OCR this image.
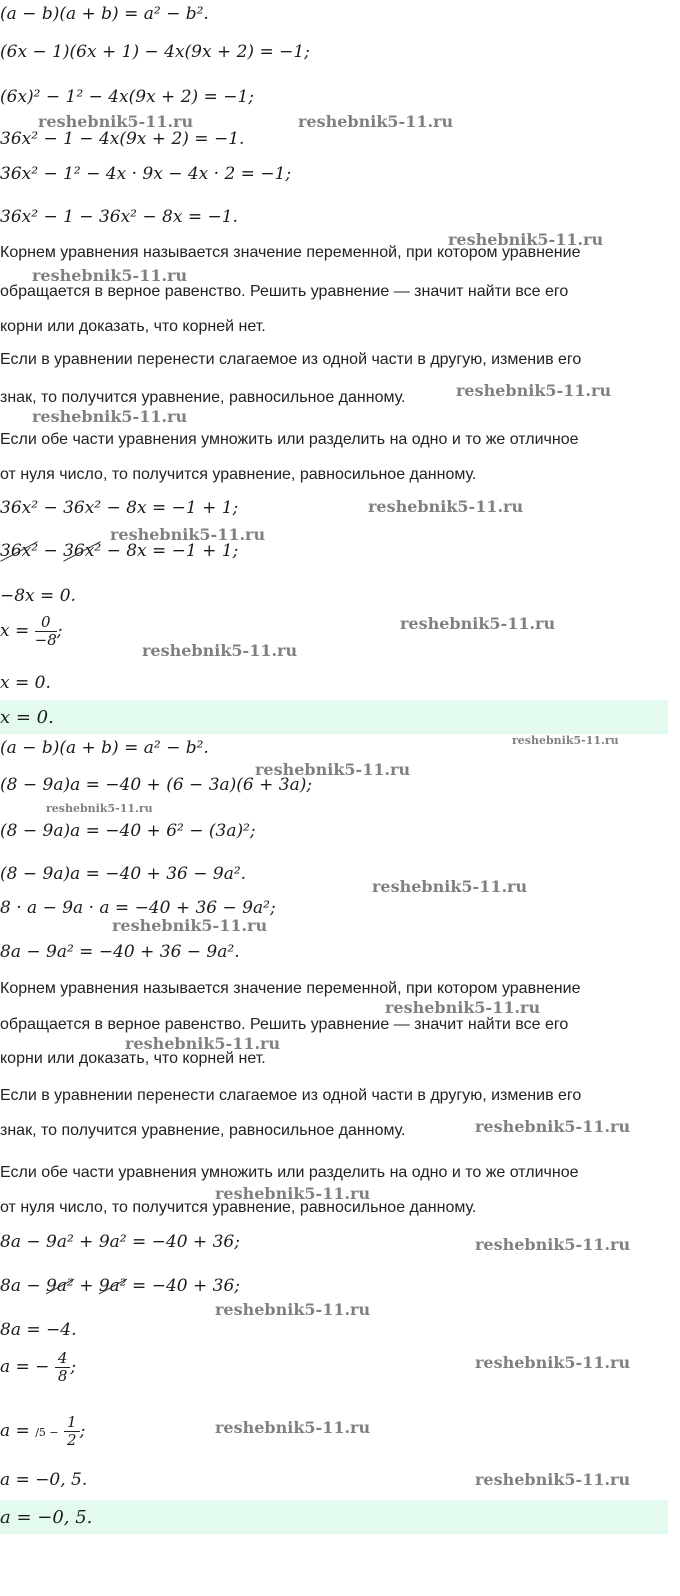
(a − b)(a + b) = a² − b².
(6x − 1)(6x + 1) − 4x(9x + 2) = −1;
(6x)² − 1² − 4x(9x + 2) = −1;
36x² − 1 − 4x(9x + 2) = −1.
36x² − 1² − 4x · 9x − 4x · 2 = −1;
36x² − 1 − 36x² − 8x = −1.
Корнем уравнения называется значение переменной, при котором уравнение
обращается в верное равенство. Решить уравнение — значит найти все его
корни или доказать, что корней нет.
Если в уравнении перенести слагаемое из одной части в другую, изменив его
знак, то получится уравнение, равносильное данному.
Если обе части уравнения умножить или разделить на одно и то же отличное
от нуля число, то получится уравнение, равносильное данному.
36x² − 36x² − 8x = −1 + 1;
36x² − 36x² − 8x = −1 + 1;
−8x = 0.
$x = \frac{0}{-8}$ ;
x = 0.
x = 0.
(a − b)(a + b) = a² − b².
(8 − 9a)a = −40 + (6 − 3a)(6 + 3a);
(8 − 9a)a = −40 + 6² − (3a)²;
(8 − 9a)a = −40 + 36 − 9a².
8 · a − 9a · a = −40 + 36 − 9a²;
8a − 9a² = −40 + 36 − 9a².
Корнем уравнения называется значение переменной, при котором уравнение
обращается в верное равенство. Решить уравнение — значит найти все его
корни или доказать, что корней нет.
Если в уравнении перенести слагаемое из одной части в другую, изменив его
знак, то получится уравнение, равносильное данному.
Если обе части уравнения умножить или разделить на одно и то же отличное
от нуля число, то получится уравнение, равносильное данному.
8a − 9a² + 9a² = −40 + 36;
8a − 9a² + 9a² = −40 + 36;
8a = −4.
a = − $\frac{4}{8}$ ;
$a = /5 - \frac{1}{2}$ ;
a = −0, 5.
a = −0, 5.
reshebnik5-11.ru	reshebnik5-11.ru
reshebnik5-11.ru
reshebnik5-11.ru
reshebnik5-11.ru
reshebnik5-11.ru
reshebnik5-11.ru
reshebnik5-11.ru
reshebnik5-11.ru
reshebnik5-11.ru
reshebnik5-11.ru
reshebnik5-11.ru
reshebnik5-11.ru
reshebnik5-11.ru
reshebnik5-11.ru
reshebnik5-11.ru
reshebnik5-11.ru
reshebnik5-11.ru
reshebnik5-11.ru
reshebnik5-11.ru
reshebnik5-11.ru
reshebnik5-11.ru
reshebnik5-11.ru
reshebnik5-11.ru
